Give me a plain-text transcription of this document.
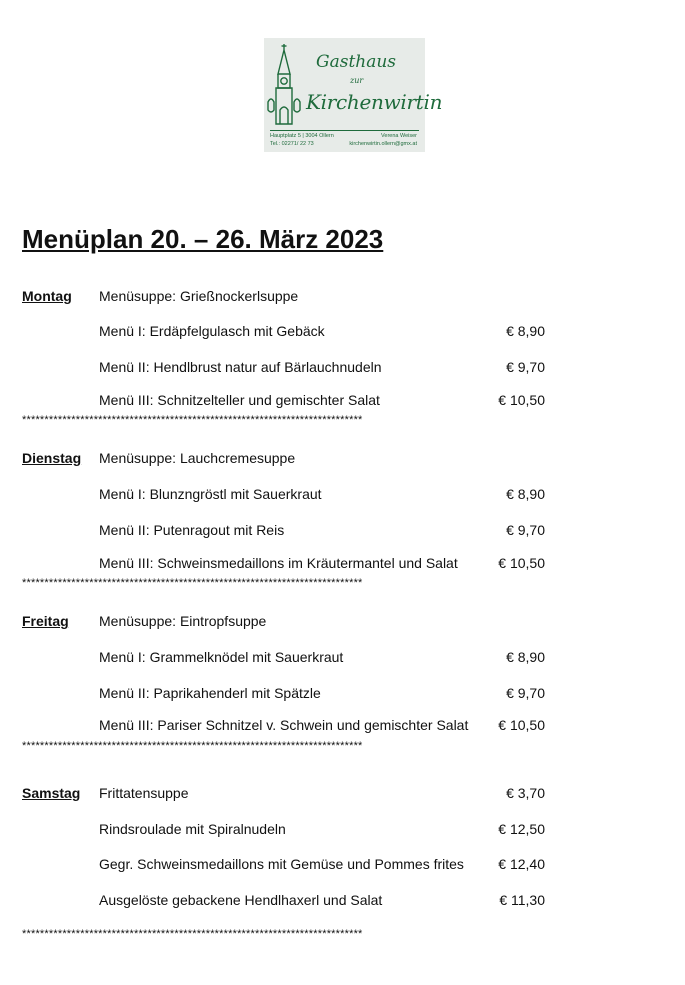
Gasthaus
zur
Kirchenwirtin
Hauptplatz 5 | 3004 Ollern
Tel.: 02271/ 22 73
Verena Weiser
kirchenwirtin.ollern@gmx.at
Menüplan 20. – 26. März 2023
Montag Menüsuppe: Grießnockerlsuppe
Menü I: Erdäpfelgulasch mit Gebäck	€ 8,90
Menü II: Hendlbrust natur auf Bärlauchnudeln	€ 9,70
Menü III: Schnitzelteller und gemischter Salat	€ 10,50
****************************************************************************
Dienstag Menüsuppe: Lauchcremesuppe
Menü I: Blunzngröstl mit Sauerkraut	€ 8,90
Menü II: Putenragout mit Reis	€ 9,70
Menü III: Schweinsmedaillons im Kräutermantel und Salat	€ 10,50
****************************************************************************
Freitag Menüsuppe: Eintropfsuppe
Menü I: Grammelknödel mit Sauerkraut	€ 8,90
Menü II: Paprikahenderl mit Spätzle	€ 9,70
Menü III: Pariser Schnitzel v. Schwein und gemischter Salat € 10,50
****************************************************************************
Samstag Frittatensuppe	€ 3,70
Rindsroulade mit Spiralnudeln	€ 12,50
Gegr. Schweinsmedaillons mit Gemüse und Pommes frites € 12,40
Ausgelöste gebackene Hendlhaxerl und Salat	€ 11,30
****************************************************************************
